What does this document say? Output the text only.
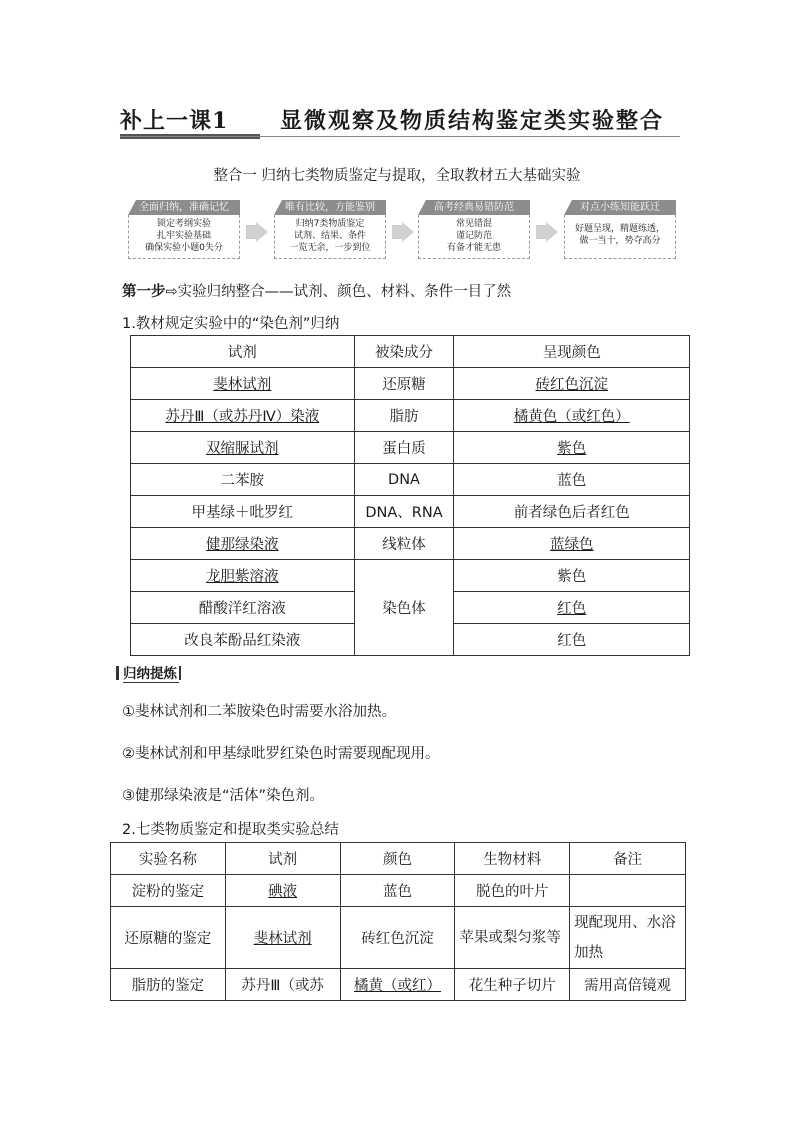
补上一课1 显微观察及物质结构鉴定类实验整合
整合一 归纳七类物质鉴定与提取，全取教材五大基础实验
全面归纳，准确记忆
锁定考纲实验
扎牢实验基础
确保实验小题0失分
唯有比较，方能鉴别
归纳7类物质鉴定
试剂、结果、条件
一览无余，一步到位
高考经典易错防范
常见错混
谨记防范
有备才能无患
对点小练知能跃迁
好题呈现，精题练透，
做一当十，势夺高分
第一步⇨实验归纳整合——试剂、颜色、材料、条件一目了然
1.教材规定实验中的“染色剂”归纳
试剂	被染成分	呈现颜色
斐林试剂	还原糖	砖红色沉淀
苏丹Ⅲ（或苏丹Ⅳ）染液	脂肪	橘黄色（或红色）
双缩脲试剂	蛋白质	紫色
二苯胺	DNA	蓝色
甲基绿＋吡罗红	DNA、RNA	前者绿色后者红色
健那绿染液	线粒体	蓝绿色
龙胆紫溶液	染色体	紫色
醋酸洋红溶液		红色
改良苯酚品红染液		红色
归纳提炼
①斐林试剂和二苯胺染色时需要水浴加热。
②斐林试剂和甲基绿吡罗红染色时需要现配现用。
③健那绿染液是“活体”染色剂。
2.七类物质鉴定和提取类实验总结
实验名称	试剂	颜色	生物材料	备注
淀粉的鉴定	碘液	蓝色	脱色的叶片	
还原糖的鉴定	斐林试剂	砖红色沉淀	苹果或梨匀浆等	现配现用、水浴加热
脂肪的鉴定	苏丹Ⅲ（或苏	橘黄（或红）	花生种子切片	需用高倍镜观
